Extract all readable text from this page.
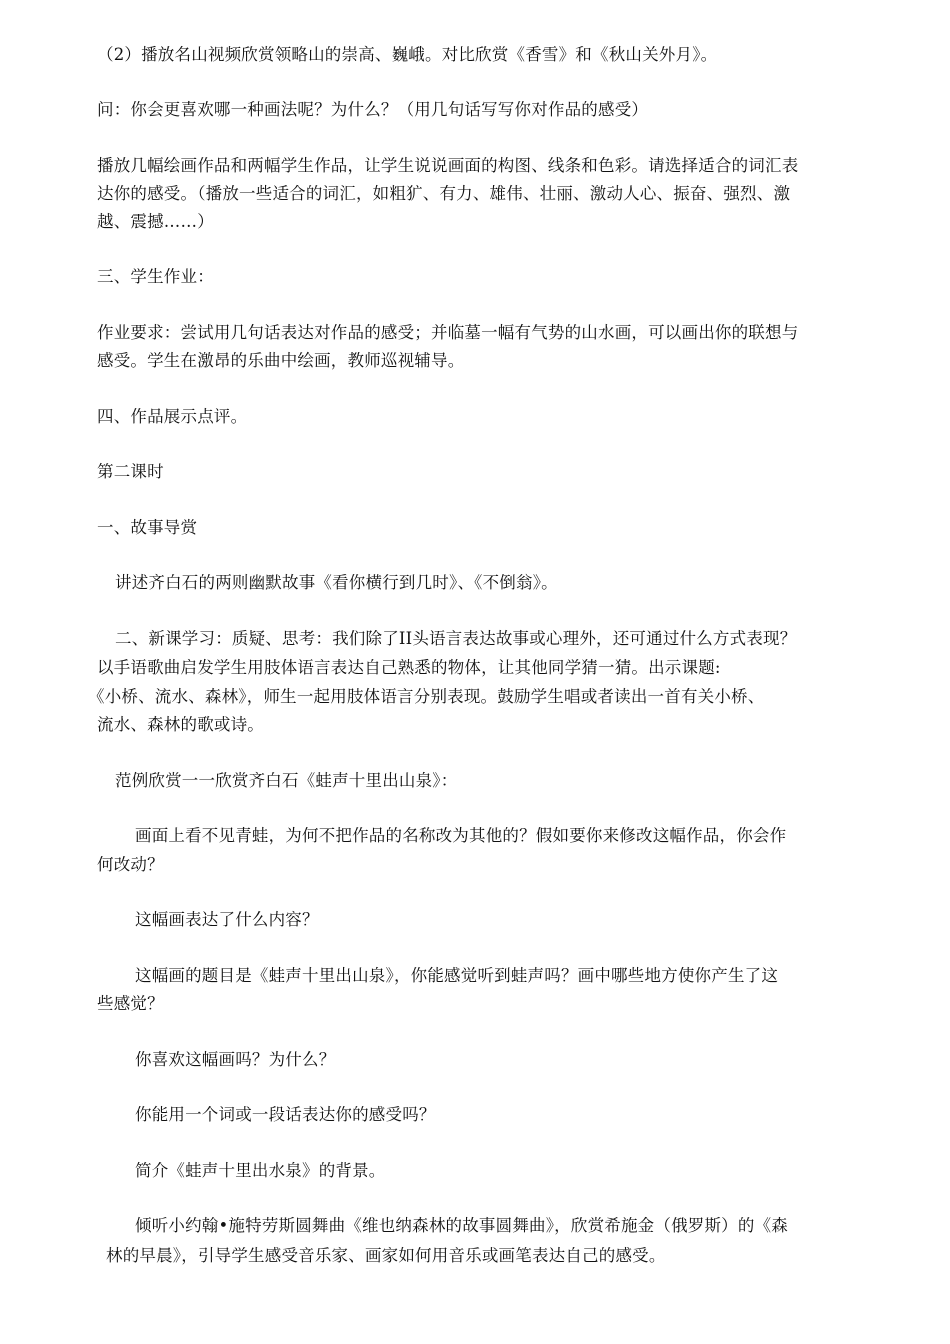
（2）播放名山视频欣赏领略山的崇高、巍峨。对比欣赏《香雪》和《秋山关外月》。
问：你会更喜欢哪一种画法呢？为什么？（用几句话写写你对作品的感受）
播放几幅绘画作品和两幅学生作品，让学生说说画面的构图、线条和色彩。请选择适合的词汇表
达你的感受。（播放一些适合的词汇，如粗犷、有力、雄伟、壮丽、激动人心、振奋、强烈、激
越、震撼……）
三、学生作业：
作业要求：尝试用几句话表达对作品的感受；并临墓一幅有气势的山水画，可以画出你的联想与
感受。学生在激昂的乐曲中绘画，教师巡视辅导。
四、作品展示点评。
第二课时
一、故事导赏
讲述齐白石的两则幽默故事《看你横行到几时》、《不倒翁》。
二、新课学习：质疑、思考：我们除了II头语言表达故事或心理外，还可通过什么方式表现？
以手语歌曲启发学生用肢体语言表达自己熟悉的物体，让其他同学猜一猜。出示课题:
《小桥、流水、森林》，师生一起用肢体语言分别表现。鼓励学生唱或者读出一首有关小桥、
流水、森林的歌或诗。
范例欣赏一一欣赏齐白石《蛙声十里出山泉》：
画面上看不见青蛙，为何不把作品的名称改为其他的？假如要你来修改这幅作品，你会作
何改动？
这幅画表达了什么内容？
这幅画的题目是《蛙声十里出山泉》，你能感觉听到蛙声吗？画中哪些地方使你产生了这
些感觉？
你喜欢这幅画吗？为什么？
你能用一个词或一段话表达你的感受吗？
简介《蛙声十里出水泉》的背景。
倾听小约翰•施特劳斯圆舞曲《维也纳森林的故事圆舞曲》，欣赏希施金（俄罗斯）的《森
林的早晨》，引导学生感受音乐家、画家如何用音乐或画笔表达自己的感受。
